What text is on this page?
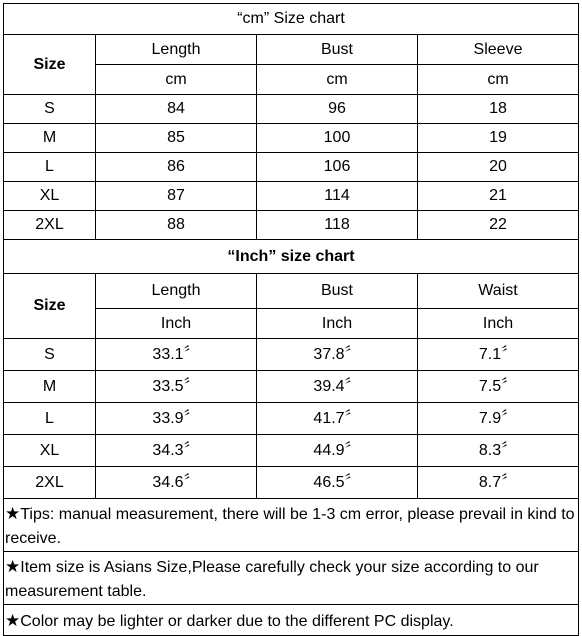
“cm” Size chart			
Size	Length	Bust	Sleeve
	cm	cm	cm
S	84	96	18
M	85	100	19
L	86	106	20
XL	87	114	21
2XL	88	118	22
“Inch” size chart			
Size	Length	Bust	Waist
	Inch	Inch	Inch
S	33.1〞	37.8〞	7.1〞
M	33.5〞	39.4〞	7.5〞
L	33.9〞	41.7〞	7.9〞
XL	34.3〞	44.9〞	8.3〞
2XL	34.6〞	46.5〞	8.7〞
★Tips: manual measurement, there will be 1-3 cm error, please prevail in kind to receive.			
★Item size is Asians Size,Please carefully check your size according to our measurement table.			
★Color may be lighter or darker due to the different PC display.			
